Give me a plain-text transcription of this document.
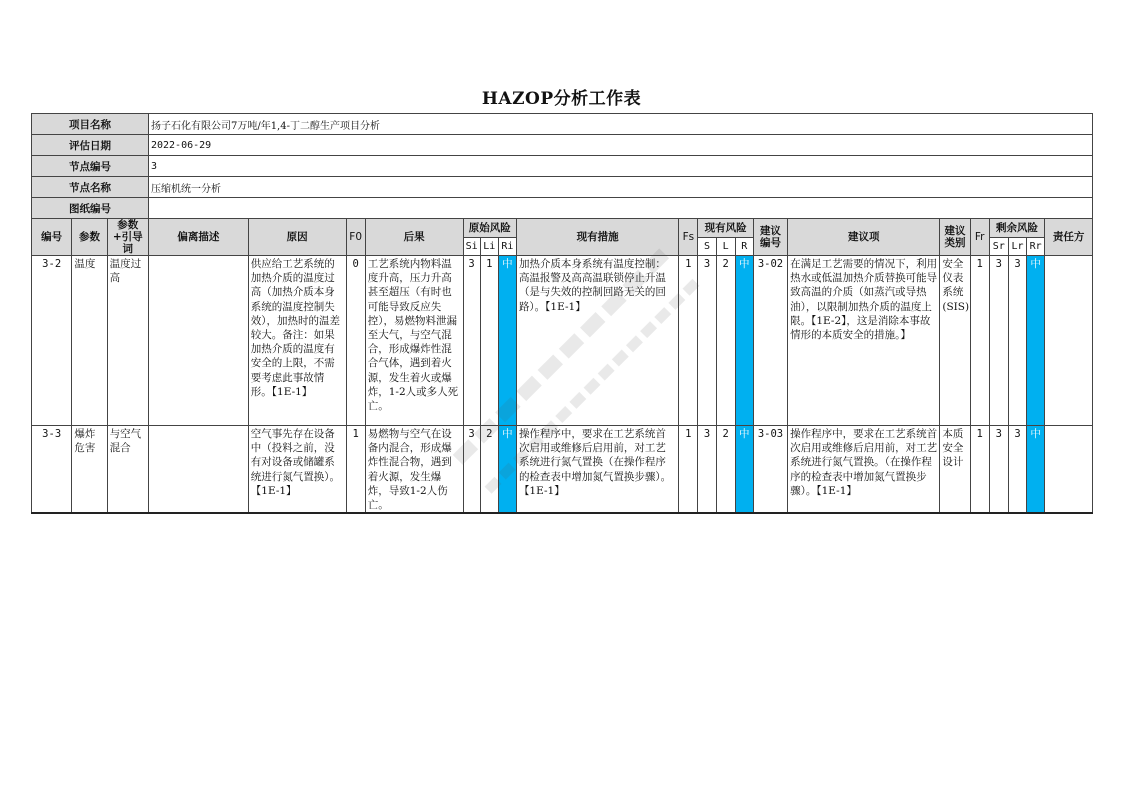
HAZOP分析工作表
项目名称			扬子石化有限公司7万吨/年1,4-丁二醇生产项目分析																			
评估日期			2022-06-29																			
节点编号			3																			
节点名称			压缩机统一分析																			
图纸编号																						
编号	参数	参数+引导词	偏离描述	原因	F0	后果	原始风险			现有措施	Fs	现有风险			建议编号	建议项	建议类别	Fr	剩余风险			责任方
							Si	Li	Ri			S	L	R					Sr	Lr	Rr	
3-2	温度	温度过高		供应给工艺系统的加热介质的温度过高（加热介质本身系统的温度控制失效），加热时的温差较大。备注：如果加热介质的温度有安全的上限，不需要考虑此事故情形。【1E-1】	0	工艺系统内物料温度升高，压力升高甚至超压（有时也可能导致反应失控），易燃物料泄漏至大气，与空气混合，形成爆炸性混合气体，遇到着火源，发生着火或爆炸，1-2人或多人死亡。	3	1	中	加热介质本身系统有温度控制：高温报警及高高温联锁停止升温（是与失效的控制回路无关的回路）。【1E-1】	1	3	2	中	3-02	在满足工艺需要的情况下，利用热水或低温加热介质替换可能导致高温的介质（如蒸汽或导热油），以限制加热介质的温度上限。【1E-2】，这是消除本事故情形的本质安全的措施。】	安全仪表系统(SIS)	1	3	3	中	
3-3	爆炸危害	与空气混合		空气事先存在设备中（投料之前，没有对设备或储罐系统进行氮气置换）。【1E-1】	1	易燃物与空气在设备内混合，形成爆炸性混合物，遇到着火源，发生爆炸，导致1-2人伤亡。	3	2	中	操作程序中，要求在工艺系统首次启用或维修后启用前，对工艺系统进行氮气置换（在操作程序的检查表中增加氮气置换步骤）。【1E-1】	1	3	2	中	3-03	操作程序中，要求在工艺系统首次启用或维修后启用前，对工艺系统进行氮气置换。（在操作程序的检查表中增加氮气置换步骤）。【1E-1】	本质安全设计	1	3	3	中	
